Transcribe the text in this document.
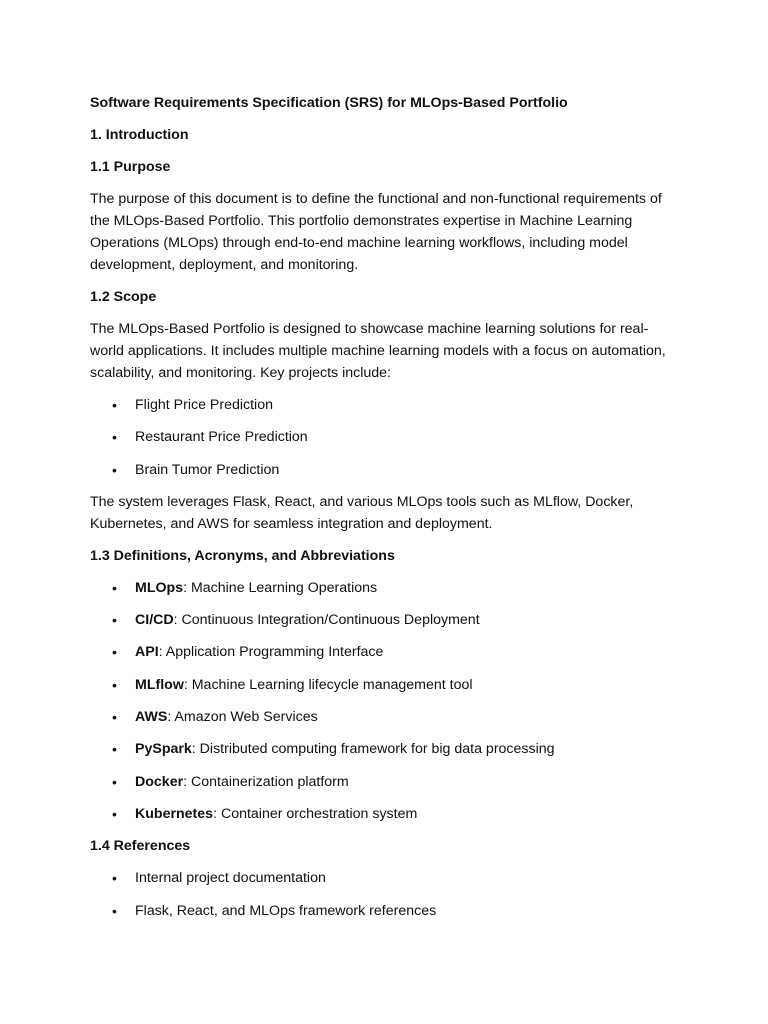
Software Requirements Specification (SRS) for MLOps-Based Portfolio
1. Introduction
1.1 Purpose

The purpose of this document is to define the functional and non-functional requirements of the MLOps-Based Portfolio. This portfolio demonstrates expertise in Machine Learning Operations (MLOps) through end-to-end machine learning workflows, including model development, deployment, and monitoring.

1.2 Scope

The MLOps-Based Portfolio is designed to showcase machine learning solutions for real-world applications. It includes multiple machine learning models with a focus on automation, scalability, and monitoring. Key projects include:

• Flight Price Prediction
• Restaurant Price Prediction
• Brain Tumor Prediction

The system leverages Flask, React, and various MLOps tools such as MLflow, Docker, Kubernetes, and AWS for seamless integration and deployment.

1.3 Definitions, Acronyms, and Abbreviations
• MLOps: Machine Learning Operations
• CI/CD: Continuous Integration/Continuous Deployment
• API: Application Programming Interface
• MLflow: Machine Learning lifecycle management tool
• AWS: Amazon Web Services
• PySpark: Distributed computing framework for big data processing
• Docker: Containerization platform
• Kubernetes: Container orchestration system
1.4 References
• Internal project documentation
• Flask, React, and MLOps framework references
